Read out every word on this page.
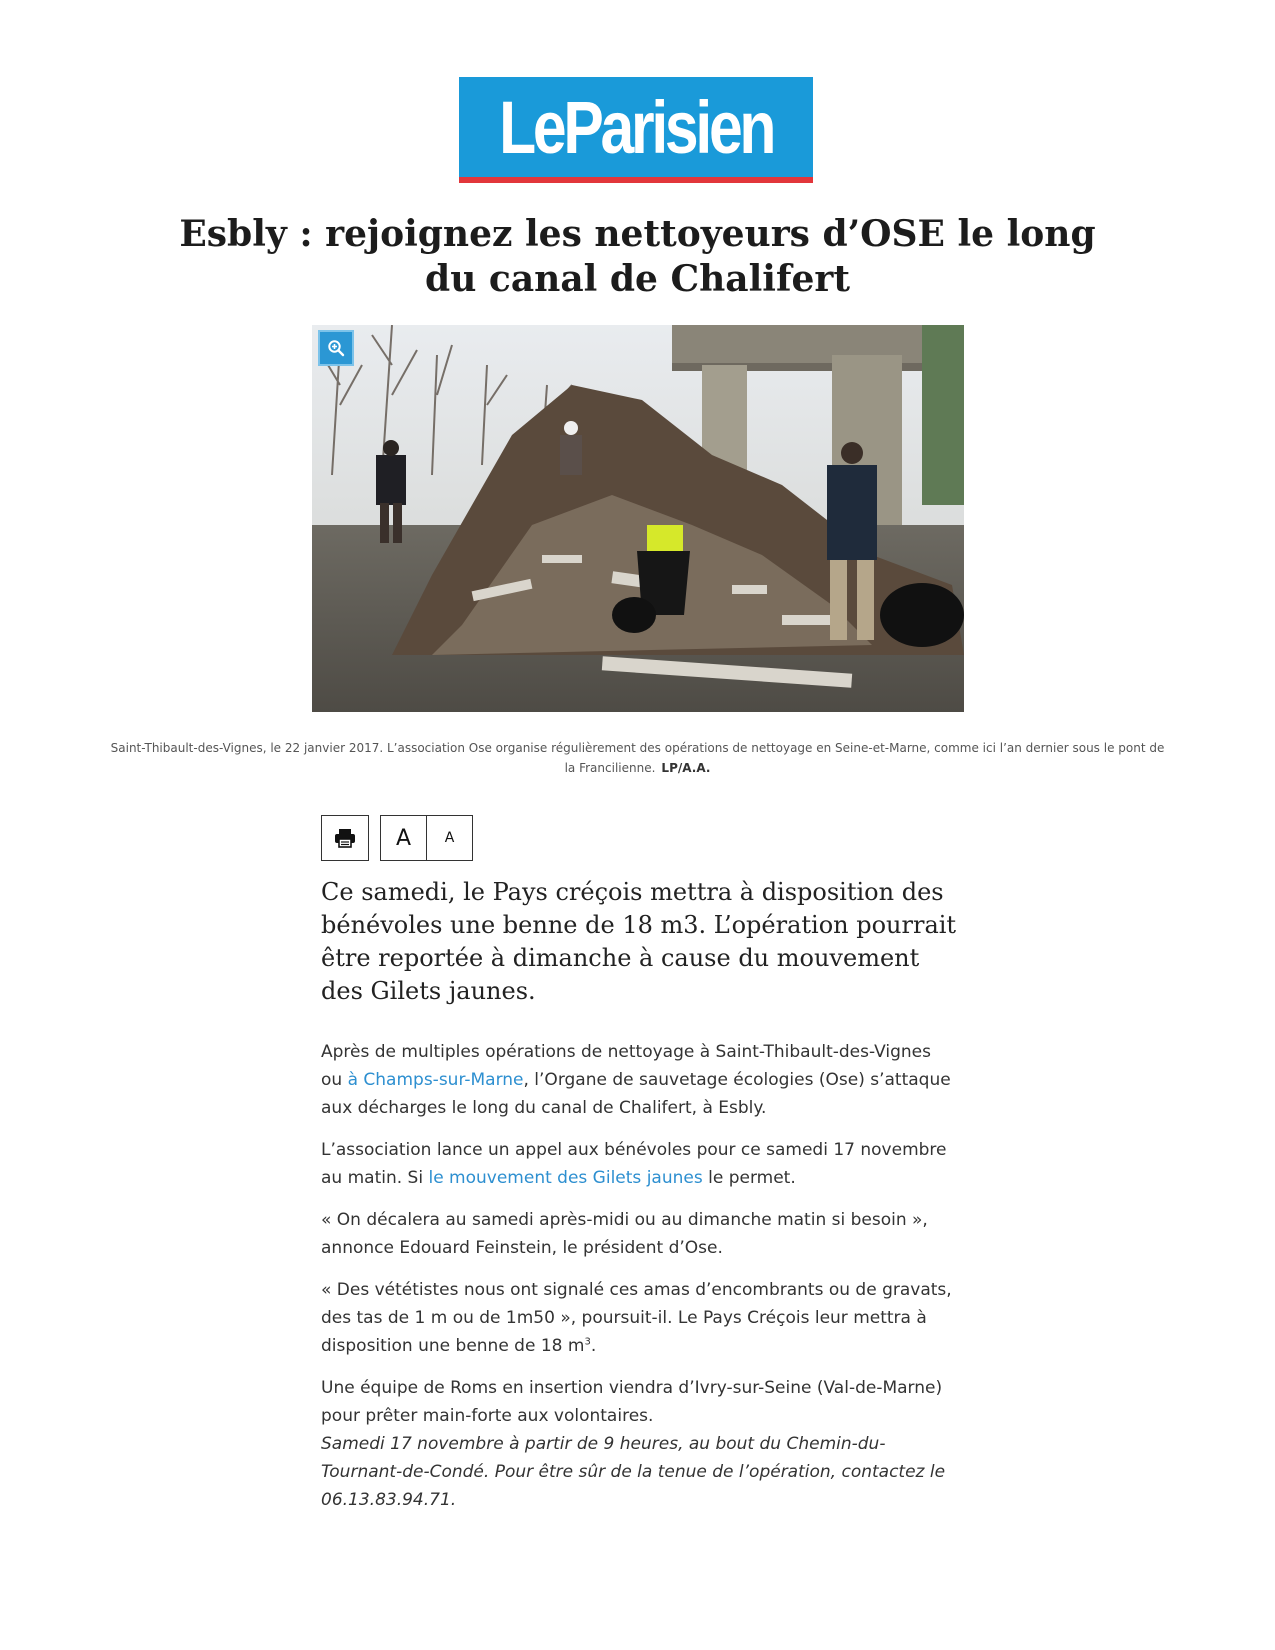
LeParisien
Esbly : rejoignez les nettoyeurs d’OSE le long du canal de Chalifert
Saint-Thibault-des-Vignes, le 22 janvier 2017. L’association Ose organise régulièrement des opérations de nettoyage en Seine-et-Marne, comme ici l’an dernier sous le pont de la Francilienne. LP/A.A.
A	A

Ce samedi, le Pays créçois mettra à disposition des bénévoles une benne de 18 m3. L’opération pourrait être reportée à dimanche à cause du mouvement des Gilets jaunes.

Après de multiples opérations de nettoyage à Saint-Thibault-des-Vignes ou à Champs-sur-Marne, l’Organe de sauvetage écologies (Ose) s’attaque aux décharges le long du canal de Chalifert, à Esbly.

L’association lance un appel aux bénévoles pour ce samedi 17 novembre au matin. Si le mouvement des Gilets jaunes le permet.

« On décalera au samedi après-midi ou au dimanche matin si besoin », annonce Edouard Feinstein, le président d’Ose.

« Des vététistes nous ont signalé ces amas d’encombrants ou de gravats, des tas de 1 m ou de 1m50 », poursuit-il. Le Pays Créçois leur mettra à disposition une benne de 18 $m^3$.

Une équipe de Roms en insertion viendra d’Ivry-sur-Seine (Val-de-Marne) pour prêter main-forte aux volontaires.
Samedi 17 novembre à partir de 9 heures, au bout du Chemin-du-Tournant-de-Condé. Pour être sûr de la tenue de l’opération, contactez le 06.13.83.94.71.
